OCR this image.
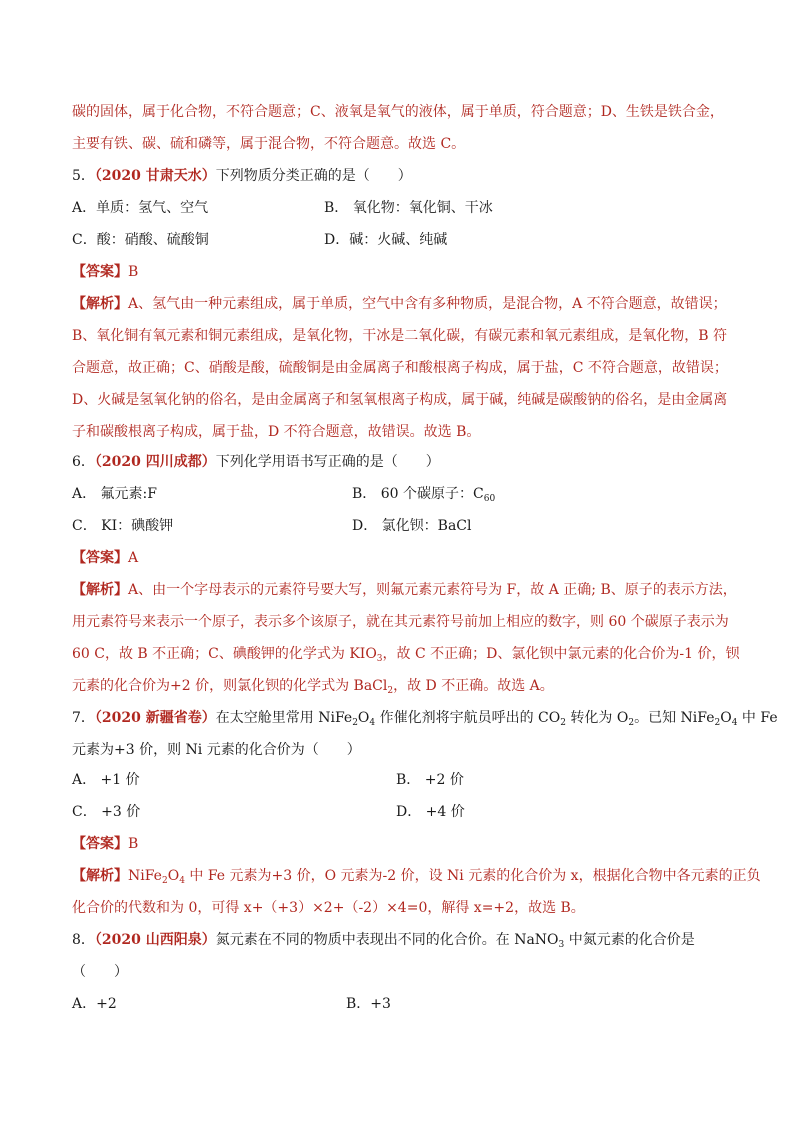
碳的固体，属于化合物，不符合题意；C、液氧是氧气的液体，属于单质，符合题意；D、生铁是铁合金，
主要有铁、碳、硫和磷等，属于混合物，不符合题意。故选 C。
5．（2020 甘肃天水）下列物质分类正确的是（　　）
A．单质：氢气、空气	B． 氧化物：氧化铜、干冰
C．酸：硝酸、硫酸铜	D．碱：火碱、纯碱
【答案】B
【解析】A、氢气由一种元素组成，属于单质，空气中含有多种物质，是混合物，A 不符合题意，故错误；
B、氧化铜有氧元素和铜元素组成，是氧化物，干冰是二氧化碳，有碳元素和氧元素组成，是氧化物，B 符
合题意，故正确；C、硝酸是酸，硫酸铜是由金属离子和酸根离子构成，属于盐，C 不符合题意，故错误；
D、火碱是氢氧化钠的俗名，是由金属离子和氢氧根离子构成，属于碱，纯碱是碳酸钠的俗名，是由金属离
子和碳酸根离子构成，属于盐，D 不符合题意，故错误。故选 B。
6．（2020 四川成都）下列化学用语书写正确的是（　　）
A． 氟元素:F	B． 60 个碳原子：$C_{60}$
C． KI：碘酸钾	D． 氯化钡：BaCl
【答案】A
【解析】A、由一个字母表示的元素符号要大写，则氟元素元素符号为 F，故 A 正确; B、原子的表示方法，
用元素符号来表示一个原子，表示多个该原子，就在其元素符号前加上相应的数字，则 60 个碳原子表示为
60 C，故 B 不正确；C、碘酸钾的化学式为 $KIO_3$，故 C 不正确；D、氯化钡中氯元素的化合价为-1 价，钡
元素的化合价为+2 价，则氯化钡的化学式为 BaCl$_2$，故 D 不正确。故选 A。
7．（2020 新疆省卷）在太空舱里常用 $NiFe_2O_4$ 作催化剂将宇航员呼出的 $CO_2$ 转化为 $O_2$。已知 $NiFe_2O_4$ 中 Fe
元素为+3 价，则 Ni 元素的化合价为（　　）
A． +1 价	B． +2 价
C． +3 价	D． +4 价
【答案】B
【解析】$NiFe_2O_4$ 中 Fe 元素为+3 价，O 元素为-2 价，设 Ni 元素的化合价为 x，根据化合物中各元素的正负
化合价的代数和为 0，可得 x+（+3）×2+（-2）×4=0，解得 x=+2，故选 B。
8．（2020 山西阳泉）氮元素在不同的物质中表现出不同的化合价。在 NaNO$_3$ 中氮元素的化合价是
（　　）
A．+2	B．+3
